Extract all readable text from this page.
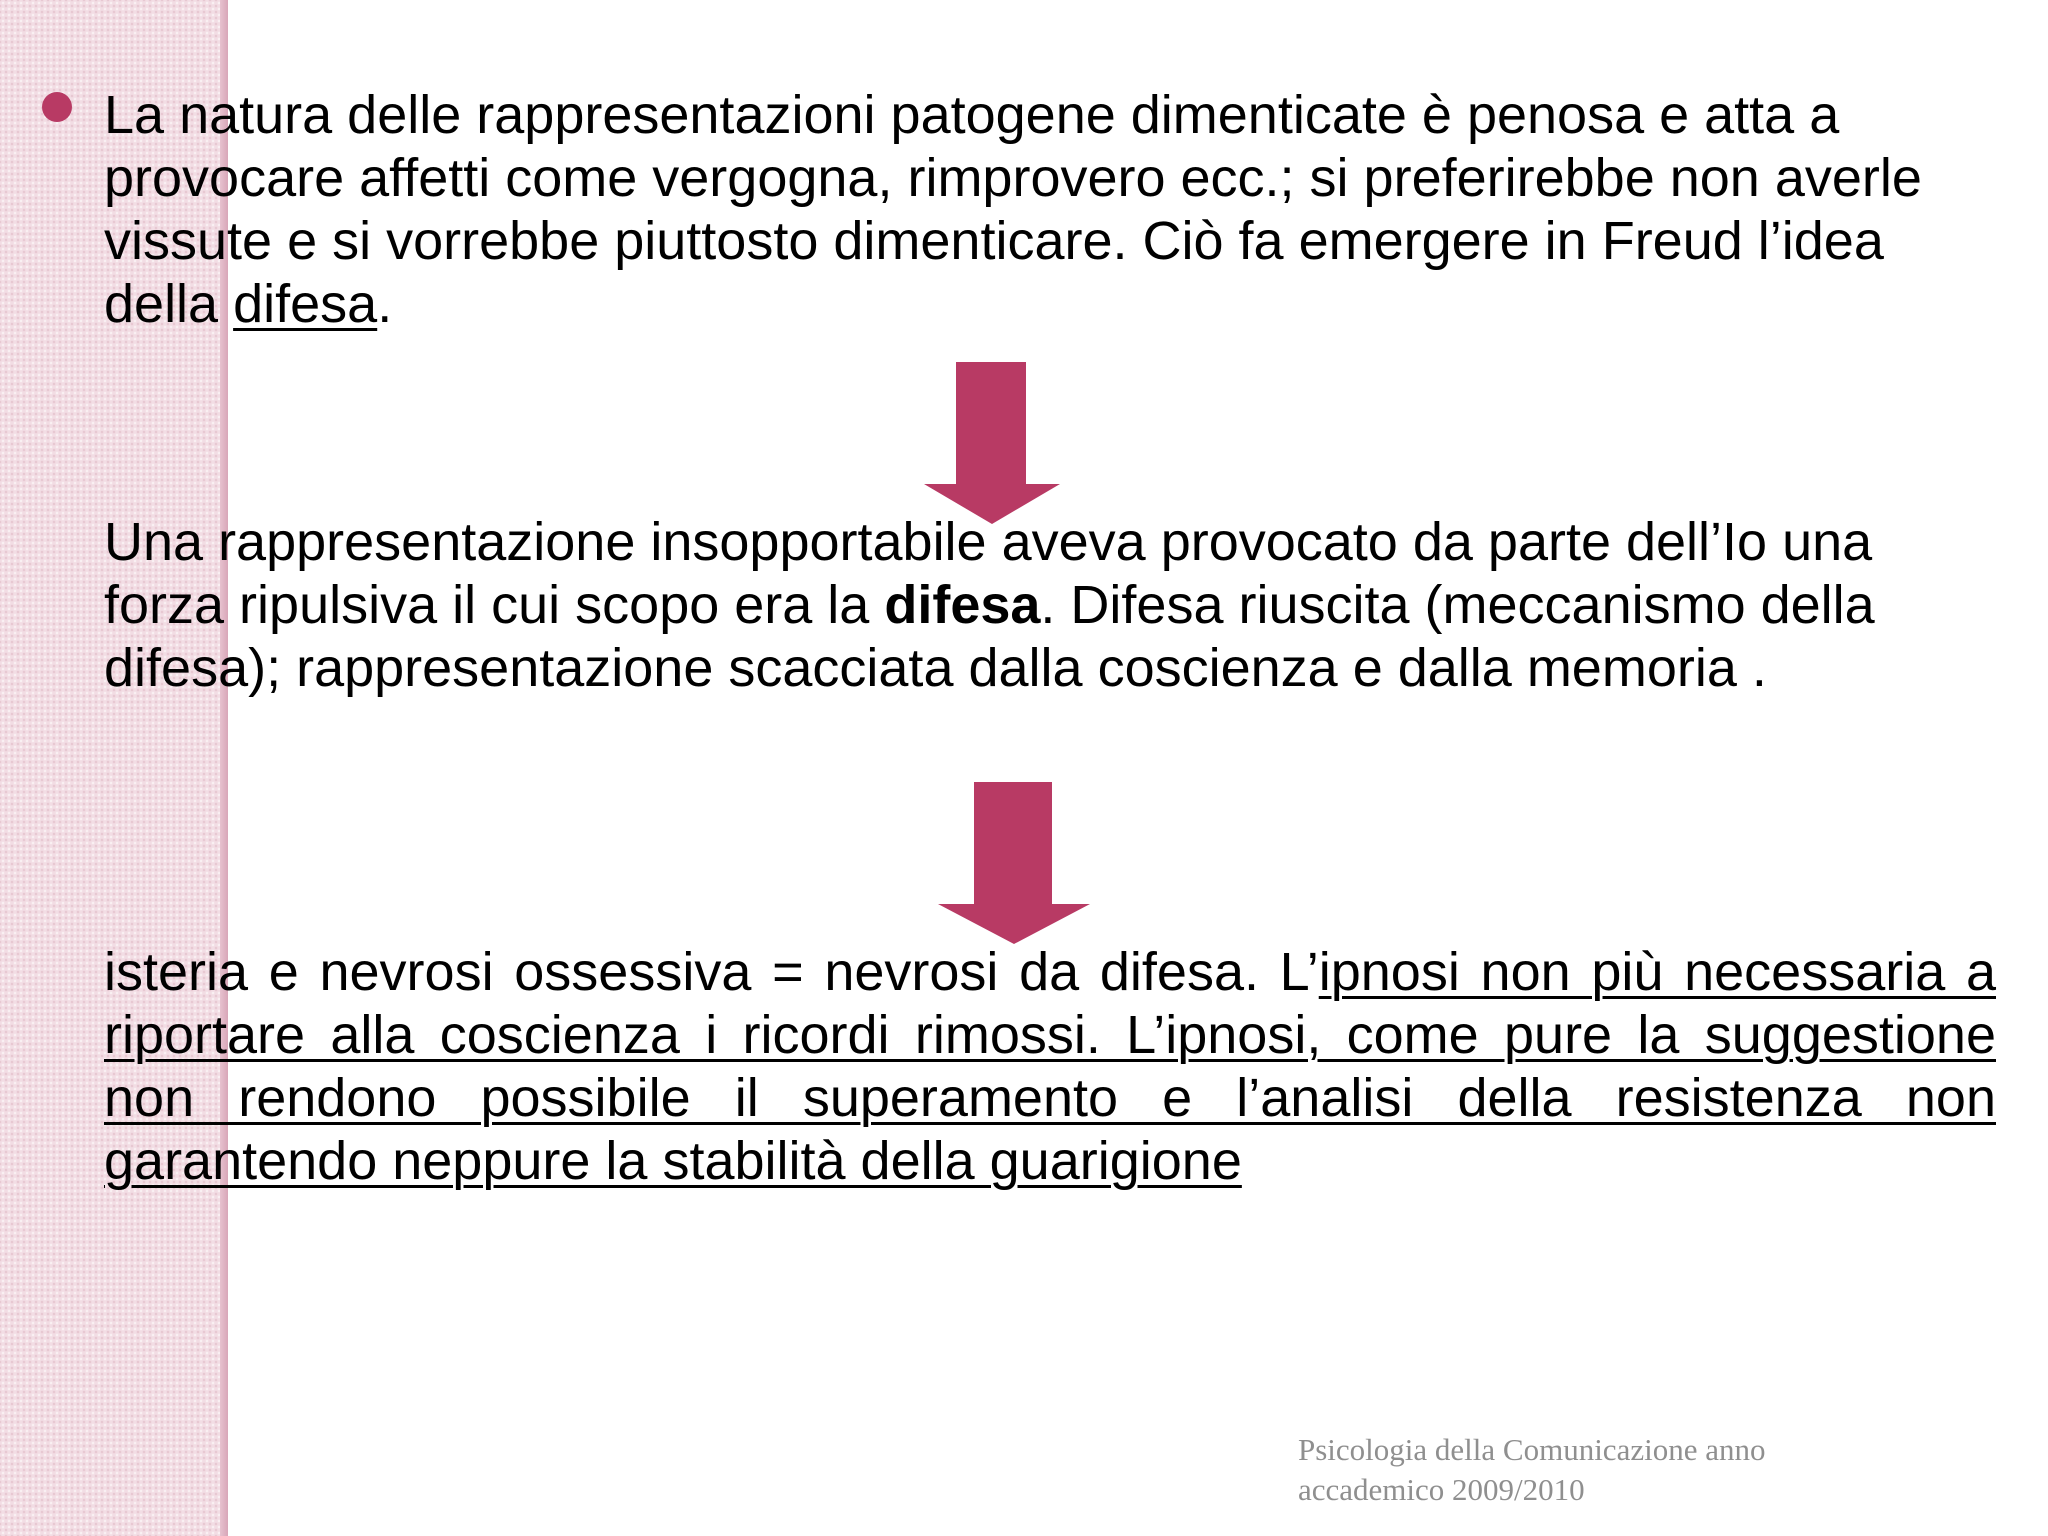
La natura delle rappresentazioni patogene dimenticate è penosa e atta a provocare affetti come vergogna, rimprovero ecc.; si preferirebbe non averle vissute e si vorrebbe piuttosto dimenticare. Ciò fa emergere in Freud l’idea della difesa.
Una rappresentazione insopportabile aveva provocato da parte dell’Io una forza ripulsiva il cui scopo era la difesa. Difesa riuscita (meccanismo della difesa); rappresentazione scacciata dalla coscienza e dalla memoria .
isteria e nevrosi ossessiva = nevrosi da difesa. L’ipnosi non più necessaria a riportare alla coscienza i ricordi rimossi. L’ipnosi, come pure la suggestione non rendono possibile il superamento e l’analisi della resistenza non garantendo neppure la stabilità della guarigione
Psicologia della Comunicazione anno
accademico 2009/2010
